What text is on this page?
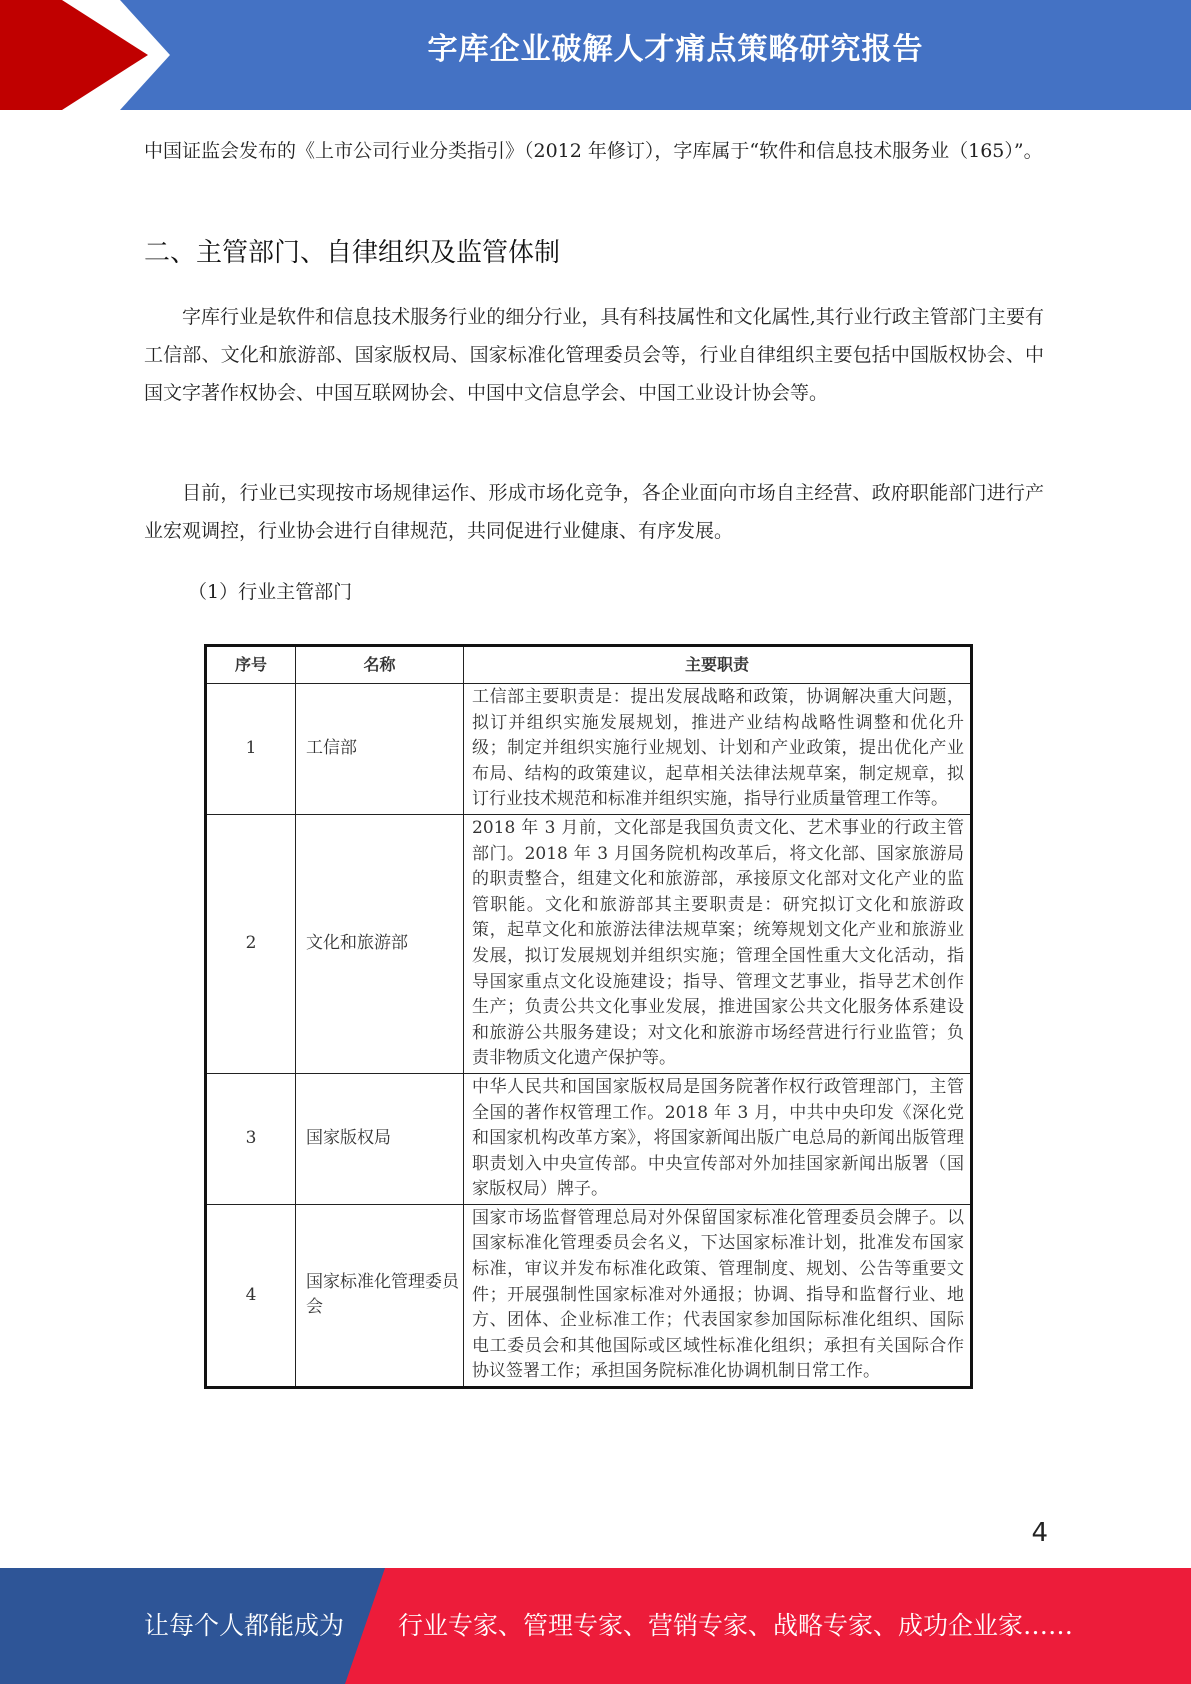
字库企业破解人才痛点策略研究报告

中国证监会发布的《上市公司行业分类指引》（2012 年修订），字库属于“软件和信息技术服务业（165）”。

二、主管部门、自律组织及监管体制

字库行业是软件和信息技术服务行业的细分行业，具有科技属性和文化属性,其行业行政主管部门主要有工信部、文化和旅游部、国家版权局、国家标准化管理委员会等，行业自律组织主要包括中国版权协会、中国文字著作权协会、中国互联网协会、中国中文信息学会、中国工业设计协会等。

目前，行业已实现按市场规律运作、形成市场化竞争，各企业面向市场自主经营、政府职能部门进行产业宏观调控，行业协会进行自律规范，共同促进行业健康、有序发展。

（1）行业主管部门

序号	名称	主要职责
1	工信部	工信部主要职责是：提出发展战略和政策，协调解决重大问题，拟订并组织实施发展规划，推进产业结构战略性调整和优化升级；制定并组织实施行业规划、计划和产业政策，提出优化产业布局、结构的政策建议，起草相关法律法规草案，制定规章，拟订行业技术规范和标准并组织实施，指导行业质量管理工作等。
2	文化和旅游部	2018 年 3 月前，文化部是我国负责文化、艺术事业的行政主管部门。2018 年 3 月国务院机构改革后，将文化部、国家旅游局的职责整合，组建文化和旅游部，承接原文化部对文化产业的监管职能。文化和旅游部其主要职责是：研究拟订文化和旅游政策，起草文化和旅游法律法规草案；统筹规划文化产业和旅游业发展，拟订发展规划并组织实施；管理全国性重大文化活动，指导国家重点文化设施建设；指导、管理文艺事业，指导艺术创作生产；负责公共文化事业发展，推进国家公共文化服务体系建设和旅游公共服务建设；对文化和旅游市场经营进行行业监管；负责非物质文化遗产保护等。
3	国家版权局	中华人民共和国国家版权局是国务院著作权行政管理部门，主管全国的著作权管理工作。2018 年 3 月，中共中央印发《深化党和国家机构改革方案》，将国家新闻出版广电总局的新闻出版管理职责划入中央宣传部。中央宣传部对外加挂国家新闻出版署（国家版权局）牌子。
4	国家标准化管理委员会	国家市场监督管理总局对外保留国家标准化管理委员会牌子。以国家标准化管理委员会名义，下达国家标准计划，批准发布国家标准，审议并发布标准化政策、管理制度、规划、公告等重要文件；开展强制性国家标准对外通报；协调、指导和监督行业、地方、团体、企业标准工作；代表国家参加国际标准化组织、国际电工委员会和其他国际或区域性标准化组织；承担有关国际合作协议签署工作；承担国务院标准化协调机制日常工作。
4
让每个人都能成为 行业专家、管理专家、营销专家、战略专家、成功企业家……
